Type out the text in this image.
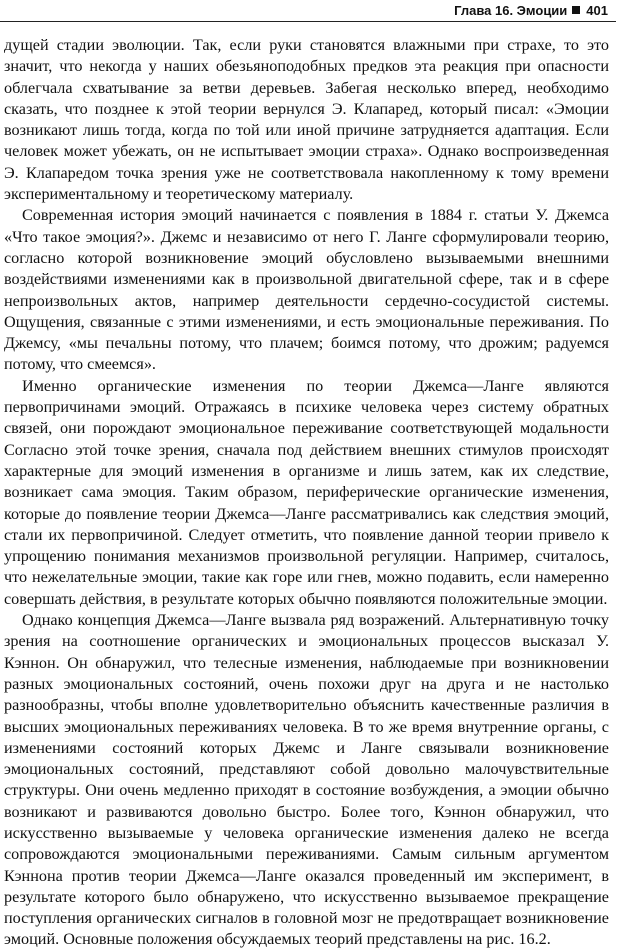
Глава 16. Эмоции 401

дущей стадии эволюции. Так, если руки становятся влажными при страхе, то это значит, что некогда у наших обезьяноподобных предков эта реакция при опасности облегчала схватывание за ветви деревьев. Забегая несколько вперед, необходимо сказать, что позднее к этой теории вернулся Э. Клапаред, который писал: «Эмоции возникают лишь тогда, когда по той или иной причине затрудняется адаптация. Если человек может убежать, он не испытывает эмоции страха». Однако воспроизведенная Э. Клапаредом точка зрения уже не соответствовала накопленному к тому времени экспериментальному и теоретическому материалу.

Современная история эмоций начинается с появления в 1884 г. статьи У. Джемса «Что такое эмоция?». Джемс и независимо от него Г. Ланге сформулировали теорию, согласно которой возникновение эмоций обусловлено вызываемыми внешними воздействиями изменениями как в произвольной двигательной сфере, так и в сфере непроизвольных актов, например деятельности сердечно-сосудистой системы. Ощущения, связанные с этими изменениями, и есть эмоциональные переживания. По Джемсу, «мы печальны потому, что плачем; боимся потому, что дрожим; радуемся потому, что смеемся».

Именно органические изменения по теории Джемса—Ланге являются первопричинами эмоций. Отражаясь в психике человека через систему обратных связей, они порождают эмоциональное переживание соответствующей модальности Согласно этой точке зрения, сначала под действием внешних стимулов происходят характерные для эмоций изменения в организме и лишь затем, как их следствие, возникает сама эмоция. Таким образом, периферические органические изменения, которые до появление теории Джемса—Ланге рассматривались как следствия эмоций, стали их первопричиной. Следует отметить, что появление данной теории привело к упрощению понимания механизмов произвольной регуляции. Например, считалось, что нежелательные эмоции, такие как горе или гнев, можно подавить, если намеренно совершать действия, в результате которых обычно появляются положительные эмоции.

Однако концепция Джемса—Ланге вызвала ряд возражений. Альтернативную точку зрения на соотношение органических и эмоциональных процессов высказал У. Кэннон. Он обнаружил, что телесные изменения, наблюдаемые при возникновении разных эмоциональных состояний, очень похожи друг на друга и не настолько разнообразны, чтобы вполне удовлетворительно объяснить качественные различия в высших эмоциональных переживаниях человека. В то же время внутренние органы, с изменениями состояний которых Джемс и Ланге связывали возникновение эмоциональных состояний, представляют собой довольно малочувствительные структуры. Они очень медленно приходят в состояние возбуждения, а эмоции обычно возникают и развиваются довольно быстро. Более того, Кэннон обнаружил, что искусственно вызываемые у человека органические изменения далеко не всегда сопровождаются эмоциональными переживаниями. Самым сильным аргументом Кэннона против теории Джемса—Ланге оказался проведенный им эксперимент, в результате которого было обнаружено, что искусственно вызываемое прекращение поступления органических сигналов в головной мозг не предотвращает возникновение эмоций. Основные положения обсуждаемых теорий представлены на рис. 16.2.
